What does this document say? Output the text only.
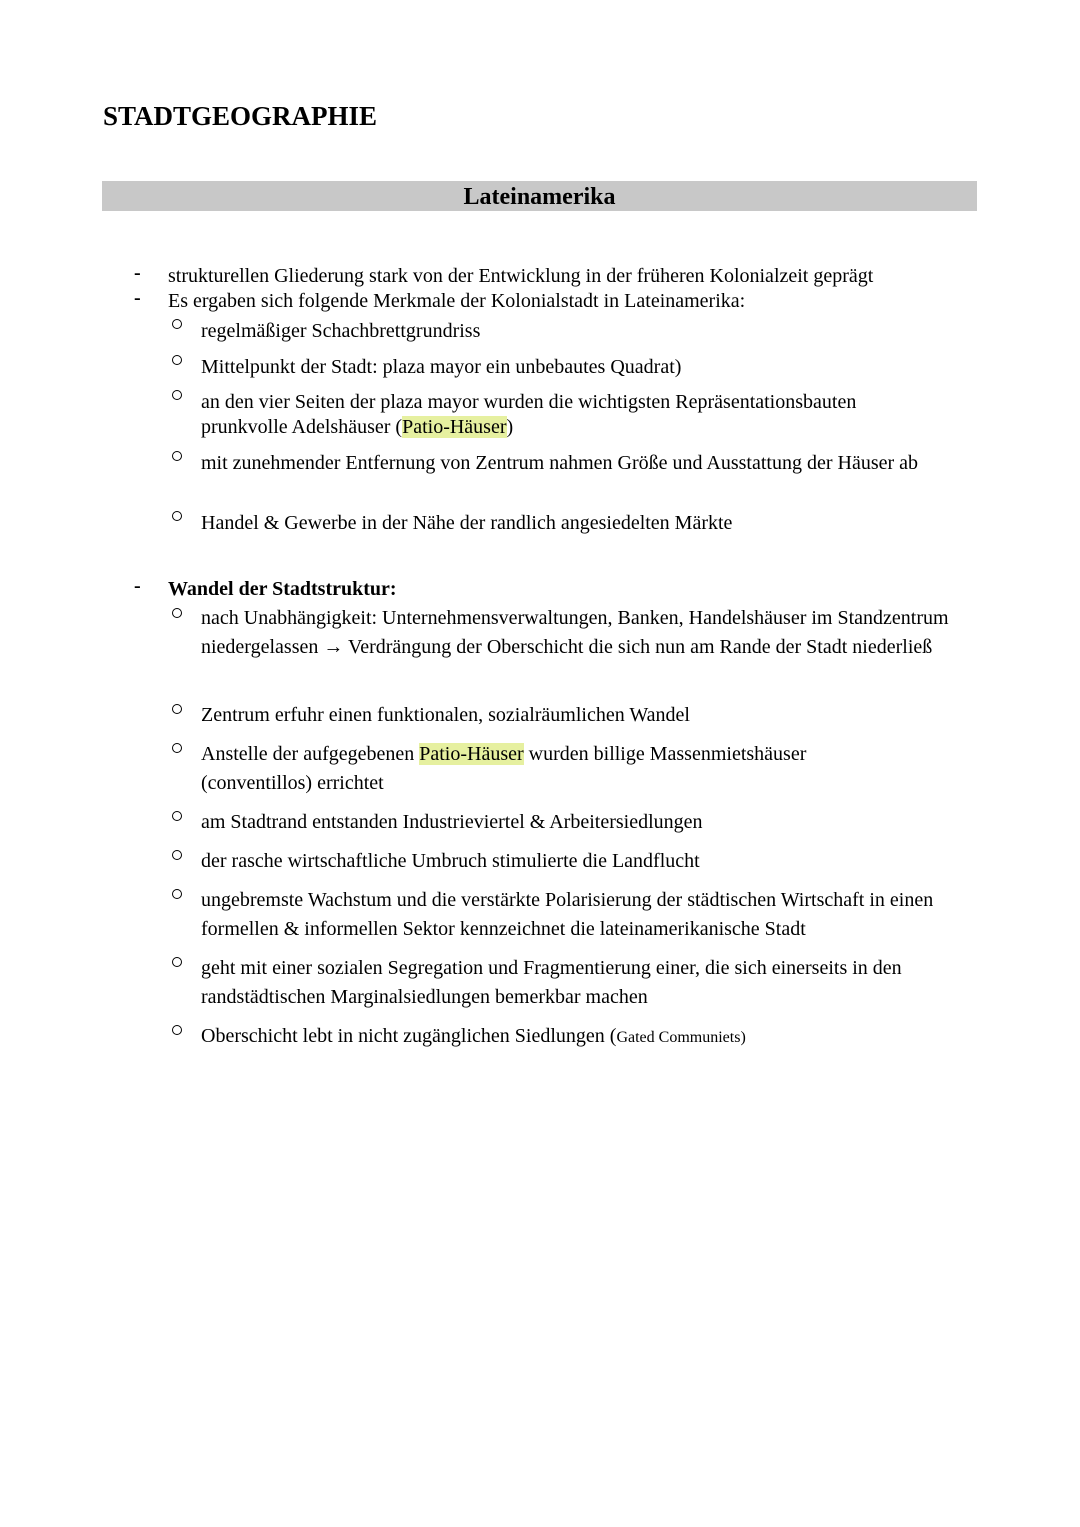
STADTGEOGRAPHIE
Lateinamerika
- strukturellen Gliederung stark von der Entwicklung in der früheren Kolonialzeit geprägt
- Es ergaben sich folgende Merkmale der Kolonialstadt in Lateinamerika:
regelmäßiger Schachbrettgrundriss
Mittelpunkt der Stadt: plaza mayor ein unbebautes Quadrat)
an den vier Seiten der plaza mayor wurden die wichtigsten Repräsentationsbauten prunkvolle Adelshäuser (Patio-Häuser)
mit zunehmender Entfernung von Zentrum nahmen Größe und Ausstattung der Häuser ab
Handel & Gewerbe in der Nähe der randlich angesiedelten Märkte
- Wandel der Stadtstruktur:
nach Unabhängigkeit: Unternehmensverwaltungen, Banken, Handelshäuser im Standzentrum niedergelassen → Verdrängung der Oberschicht die sich nun am Rande der Stadt niederließ
Zentrum erfuhr einen funktionalen, sozialräumlichen Wandel
Anstelle der aufgegebenen Patio-Häuser wurden billige Massenmietshäuser (conventillos) errichtet
am Stadtrand entstanden Industrieviertel & Arbeitersiedlungen
der rasche wirtschaftliche Umbruch stimulierte die Landflucht
ungebremste Wachstum und die verstärkte Polarisierung der städtischen Wirtschaft in einen formellen & informellen Sektor kennzeichnet die lateinamerikanische Stadt
geht mit einer sozialen Segregation und Fragmentierung einer, die sich einerseits in den randstädtischen Marginalsiedlungen bemerkbar machen
Oberschicht lebt in nicht zugänglichen Siedlungen (Gated Communiets)
